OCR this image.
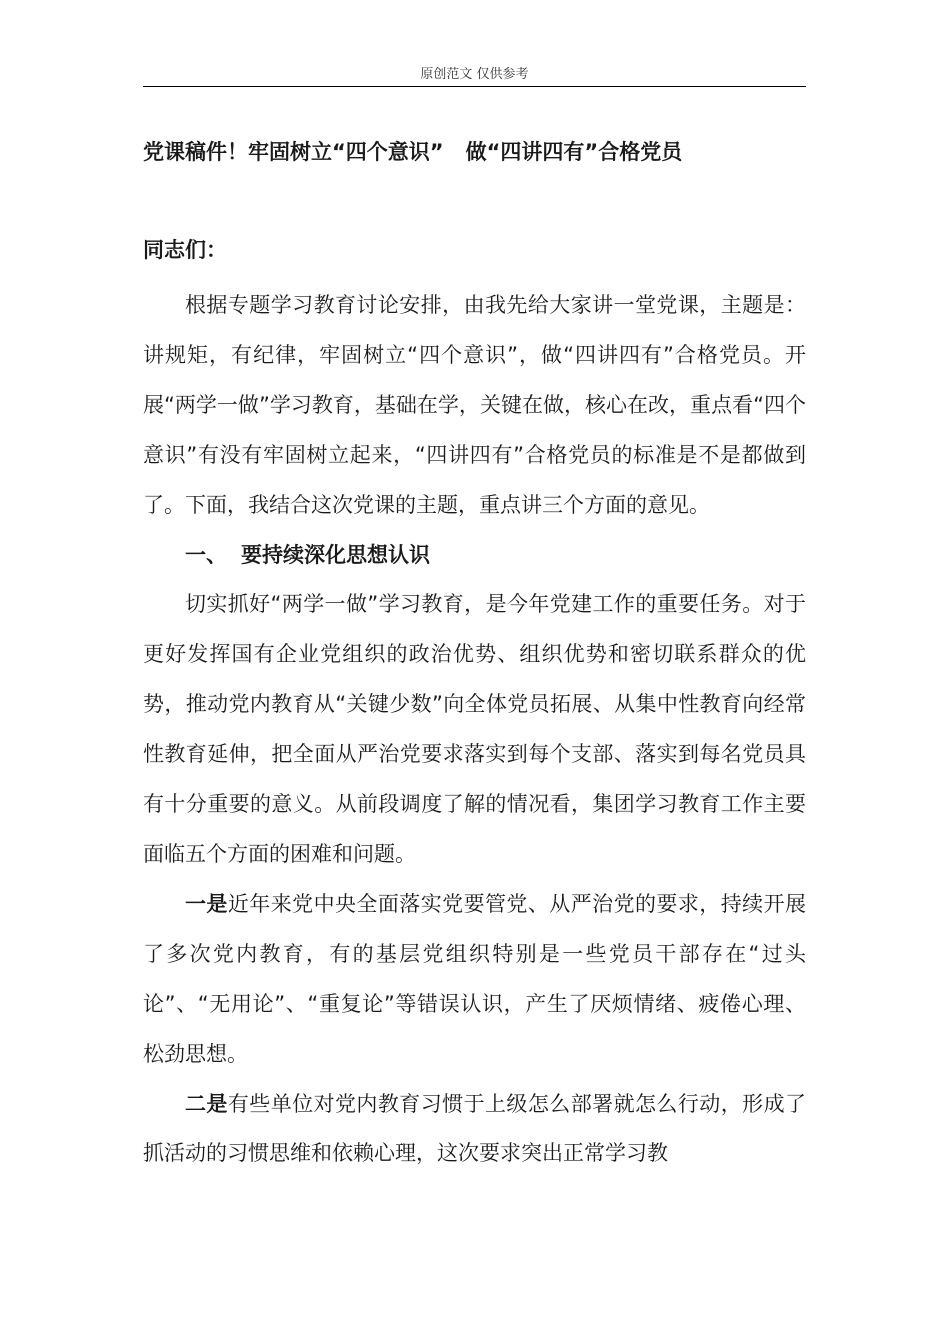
原创范文 仅供参考
党课稿件！牢固树立“四个意识” 做“四讲四有”合格党员
同志们：

根据专题学习教育讨论安排，由我先给大家讲一堂党课，主题是：讲规矩，有纪律，牢固树立“四个意识”，做“四讲四有”合格党员。开展“两学一做”学习教育，基础在学，关键在做，核心在改，重点看“四个意识”有没有牢固树立起来，“四讲四有”合格党员的标准是不是都做到了。下面，我结合这次党课的主题，重点讲三个方面的意见。

一、 要持续深化思想认识

切实抓好“两学一做”学习教育，是今年党建工作的重要任务。对于更好发挥国有企业党组织的政治优势、组织优势和密切联系群众的优势，推动党内教育从“关键少数”向全体党员拓展、从集中性教育向经常性教育延伸，把全面从严治党要求落实到每个支部、落实到每名党员具有十分重要的意义。从前段调度了解的情况看，集团学习教育工作主要面临五个方面的困难和问题。

一是近年来党中央全面落实党要管党、从严治党的要求，持续开展了多次党内教育，有的基层党组织特别是一些党员干部存在“过头论”、“无用论”、“重复论”等错误认识，产生了厌烦情绪、疲倦心理、松劲思想。

二是有些单位对党内教育习惯于上级怎么部署就怎么行动，形成了抓活动的习惯思维和依赖心理，这次要求突出正常学习教
